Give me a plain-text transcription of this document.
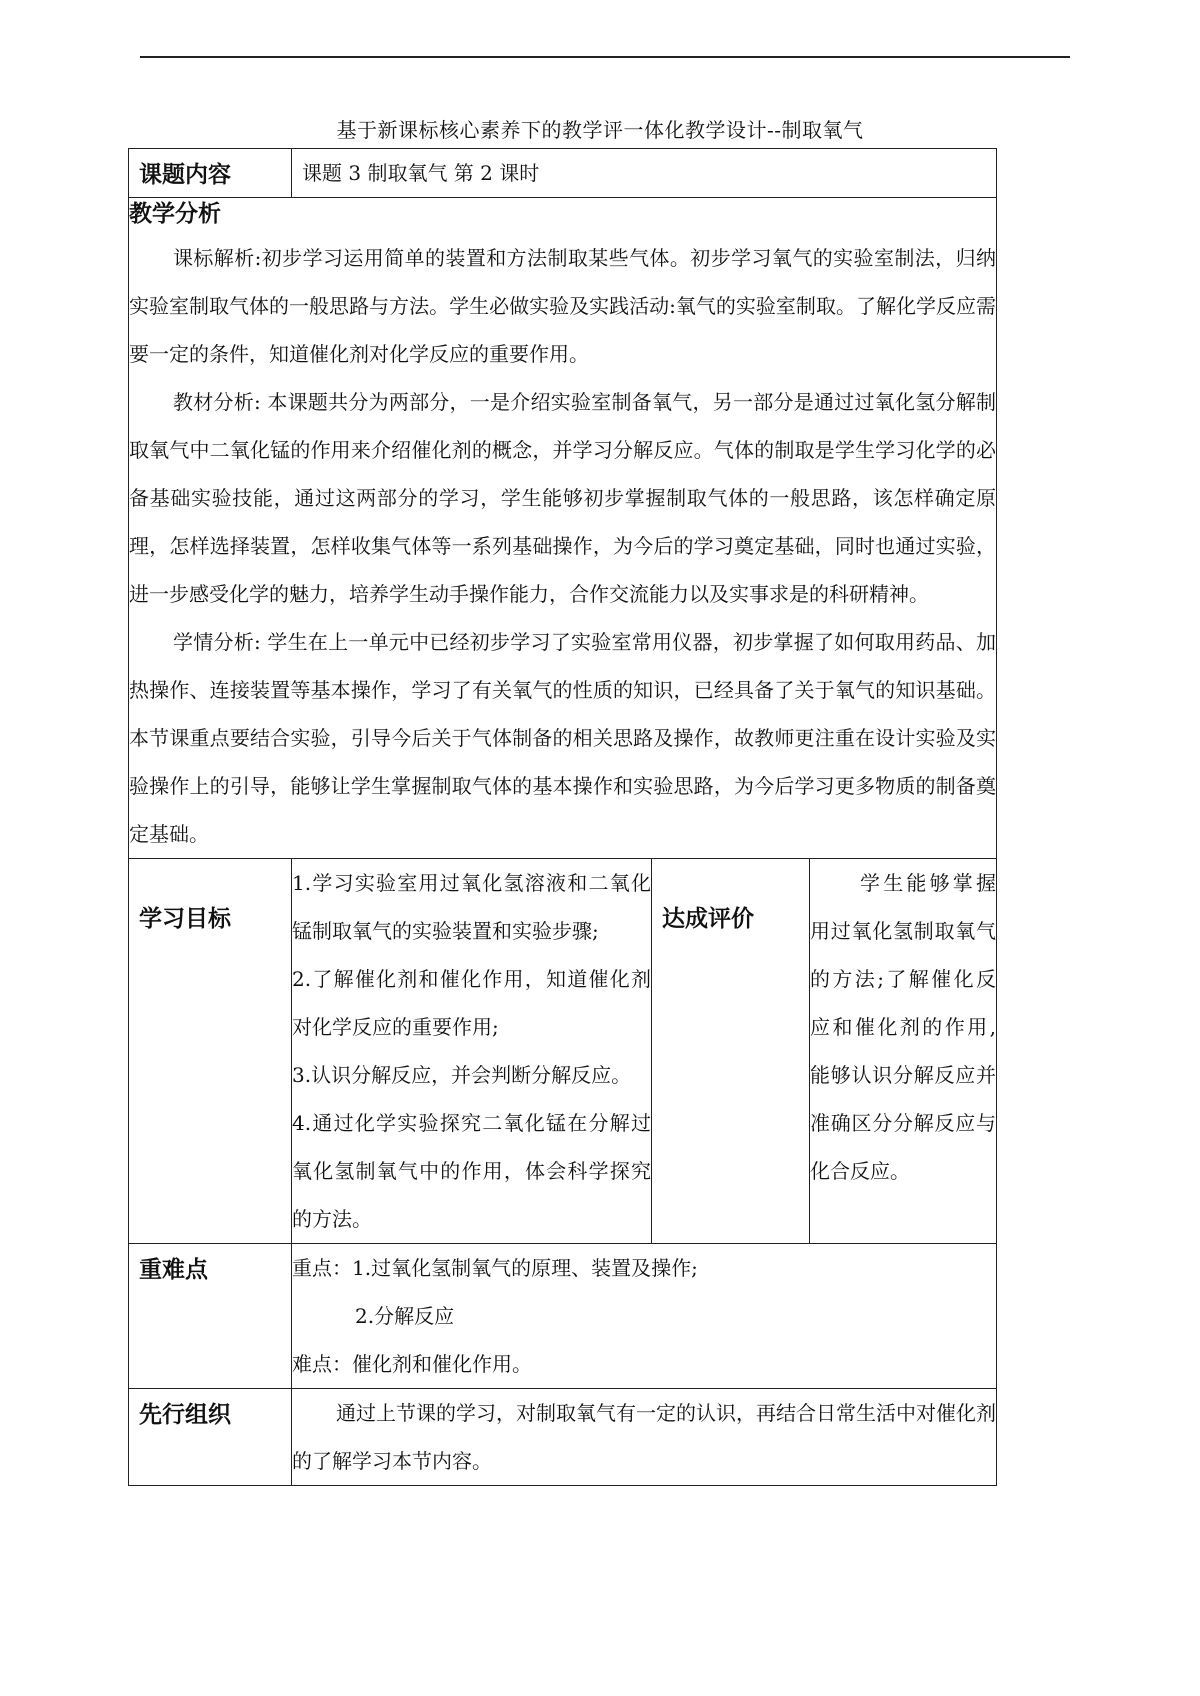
基于新课标核心素养下的教学评一体化教学设计--制取氧气
课题内容	课题 3 制取氧气 第 2 课时		

教学分析

课标解析:初步学习运用简单的装置和方法制取某些气体。初步学习氧气的实验室制法，归纳实验室制取气体的一般思路与方法。学生必做实验及实践活动:氧气的实验室制取。了解化学反应需要一定的条件，知道催化剂对化学反应的重要作用。

教材分析: 本课题共分为两部分，一是介绍实验室制备氧气，另一部分是通过过氧化氢分解制取氧气中二氧化锰的作用来介绍催化剂的概念，并学习分解反应。气体的制取是学生学习化学的必备基础实验技能，通过这两部分的学习，学生能够初步掌握制取气体的一般思路，该怎样确定原理，怎样选择装置，怎样收集气体等一系列基础操作，为今后的学习奠定基础，同时也通过实验，进一步感受化学的魅力，培养学生动手操作能力，合作交流能力以及实事求是的科研精神。

学情分析: 学生在上一单元中已经初步学习了实验室常用仪器，初步掌握了如何取用药品、加热操作、连接装置等基本操作，学习了有关氧气的性质的知识，已经具备了关于氧气的知识基础。本节课重点要结合实验，引导今后关于气体制备的相关思路及操作，故教师更注重在设计实验及实验操作上的引导，能够让学生掌握制取气体的基本操作和实验思路，为今后学习更多物质的制备奠定基础。			

学习目标	1.学习实验室用过氧化氢溶液和二氧化锰制取氧气的实验装置和实验步骤;
2.了解催化剂和催化作用，知道催化剂对化学反应的重要作用;
3.认识分解反应，并会判断分解反应。
4.通过化学实验探究二氧化锰在分解过氧化氢制氧气中的作用，体会科学探究的方法。	达成评价	学生能够掌握用过氧化氢制取氧气的方法;了解催化反应和催化剂的作用,能够认识分解反应并准确区分分解反应与化合反应。

重难点	重点：1.过氧化氢制氧气的原理、装置及操作;
2.分解反应
难点：催化剂和催化作用。		

先行组织	通过上节课的学习，对制取氧气有一定的认识，再结合日常生活中对催化剂的了解学习本节内容。		
